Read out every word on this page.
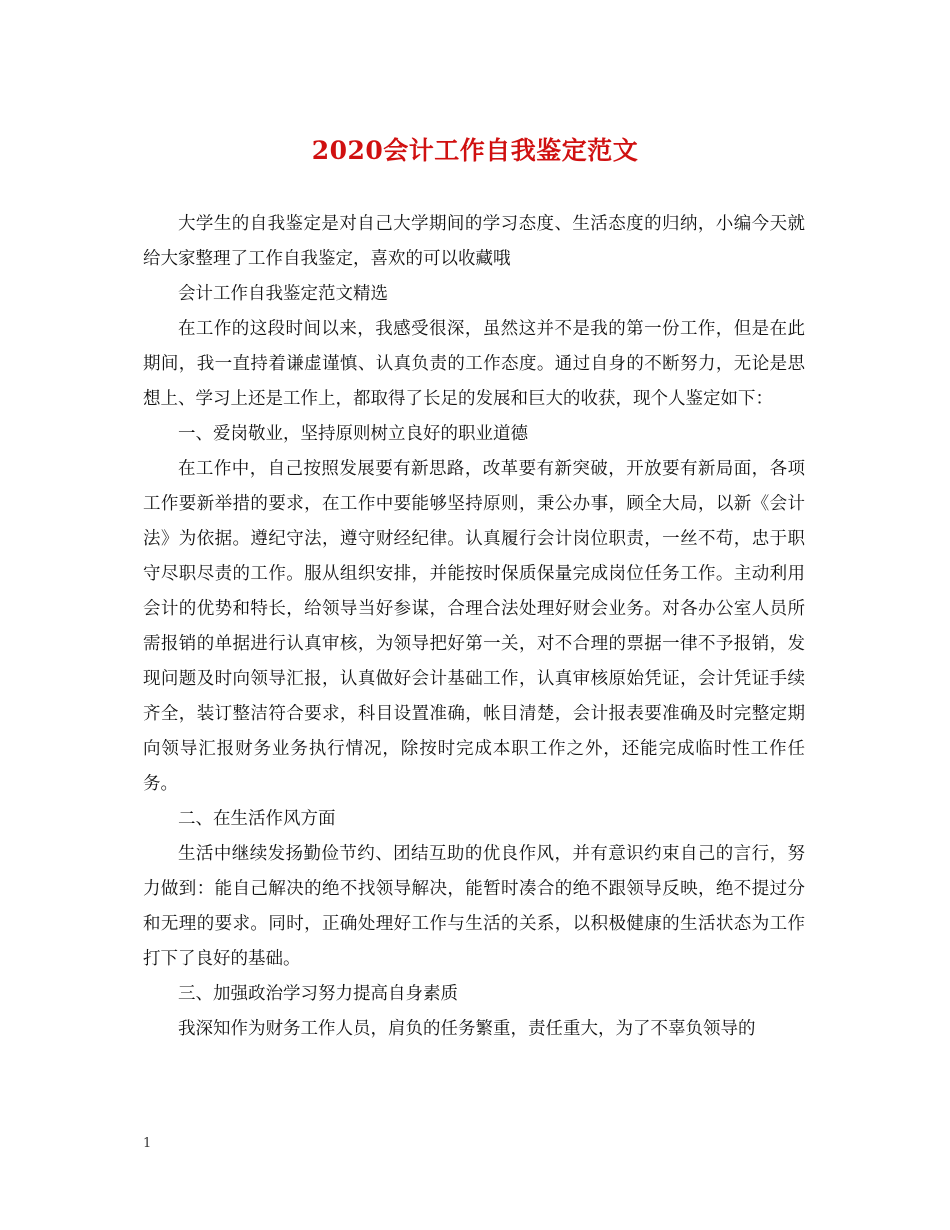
2020会计工作自我鉴定范文

大学生的自我鉴定是对自己大学期间的学习态度、生活态度的归纳，小编今天就给大家整理了工作自我鉴定，喜欢的可以收藏哦

会计工作自我鉴定范文精选

在工作的这段时间以来，我感受很深，虽然这并不是我的第一份工作，但是在此期间，我一直持着谦虚谨慎、认真负责的工作态度。通过自身的不断努力，无论是思想上、学习上还是工作上，都取得了长足的发展和巨大的收获，现个人鉴定如下：

一、爱岗敬业，坚持原则树立良好的职业道德

在工作中，自己按照发展要有新思路，改革要有新突破，开放要有新局面，各项工作要新举措的要求，在工作中要能够坚持原则，秉公办事，顾全大局，以新《会计法》为依据。遵纪守法，遵守财经纪律。认真履行会计岗位职责，一丝不苟，忠于职守尽职尽责的工作。服从组织安排，并能按时保质保量完成岗位任务工作。主动利用会计的优势和特长，给领导当好参谋，合理合法处理好财会业务。对各办公室人员所需报销的单据进行认真审核，为领导把好第一关，对不合理的票据一律不予报销，发现问题及时向领导汇报，认真做好会计基础工作，认真审核原始凭证，会计凭证手续齐全，装订整洁符合要求，科目设置准确，帐目清楚，会计报表要准确及时完整定期向领导汇报财务业务执行情况，除按时完成本职工作之外，还能完成临时性工作任务。

二、在生活作风方面

生活中继续发扬勤俭节约、团结互助的优良作风，并有意识约束自己的言行，努力做到：能自己解决的绝不找领导解决，能暂时凑合的绝不跟领导反映，绝不提过分和无理的要求。同时，正确处理好工作与生活的关系，以积极健康的生活状态为工作打下了良好的基础。

三、加强政治学习努力提高自身素质

我深知作为财务工作人员，肩负的任务繁重，责任重大，为了不辜负领导的

1
